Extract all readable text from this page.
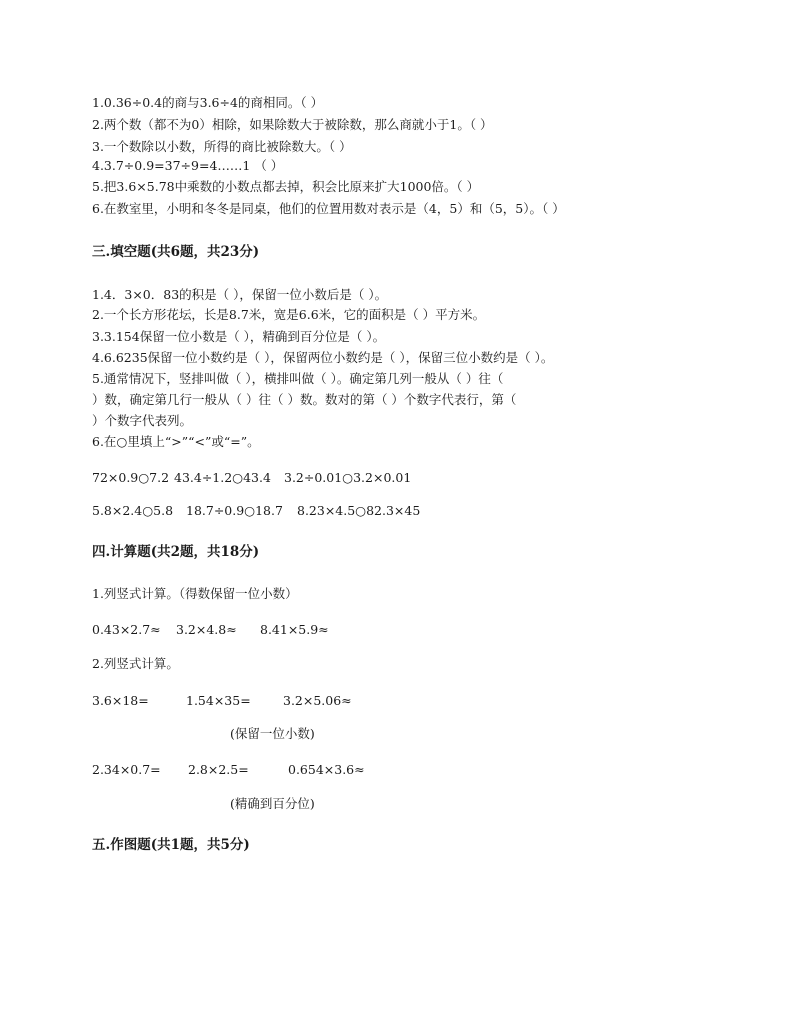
1.0.36÷0.4的商与3.6÷4的商相同。（ ）
2.两个数（都不为0）相除，如果除数大于被除数，那么商就小于1。（ ）
3.一个数除以小数，所得的商比被除数大。（ ）
4.3.7÷0.9=37÷9=4……1 （ ）
5.把3.6×5.78中乘数的小数点都去掉，积会比原来扩大1000倍。（ ）
6.在教室里，小明和冬冬是同桌，他们的位置用数对表示是（4，5）和（5，5）。（ ）
三.填空题(共6题，共23分)
1.4．3×0．83的积是（ ），保留一位小数后是（ ）。
2.一个长方形花坛，长是8.7米，宽是6.6米，它的面积是（ ）平方米。
3.3.154保留一位小数是（ ），精确到百分位是（ ）。
4.6.6235保留一位小数约是（ ），保留两位小数约是（ ），保留三位小数约是（ ）。
5.通常情况下，竖排叫做（ ），横排叫做（ ）。确定第几列一般从（ ）往（
）数，确定第几行一般从（ ）往（ ）数。数对的第（ ）个数字代表行，第（
）个数字代表列。
6.在○里填上“>”“<”或“=”。
72×0.9○7.2 43.4÷1.2○43.4 3.2÷0.01○3.2×0.01
5.8×2.4○5.8 18.7÷0.9○18.7 8.23×4.5○82.3×45
四.计算题(共2题，共18分)
1.列竖式计算。（得数保留一位小数）
0.43×2.7≈ 3.2×4.8≈ 8.41×5.9≈
2.列竖式计算。
3.6×18=	1.54×35=	3.2×5.06≈
(保留一位小数)
2.34×0.7= 2.8×2.5=	0.654×3.6≈
(精确到百分位)
五.作图题(共1题，共5分)
